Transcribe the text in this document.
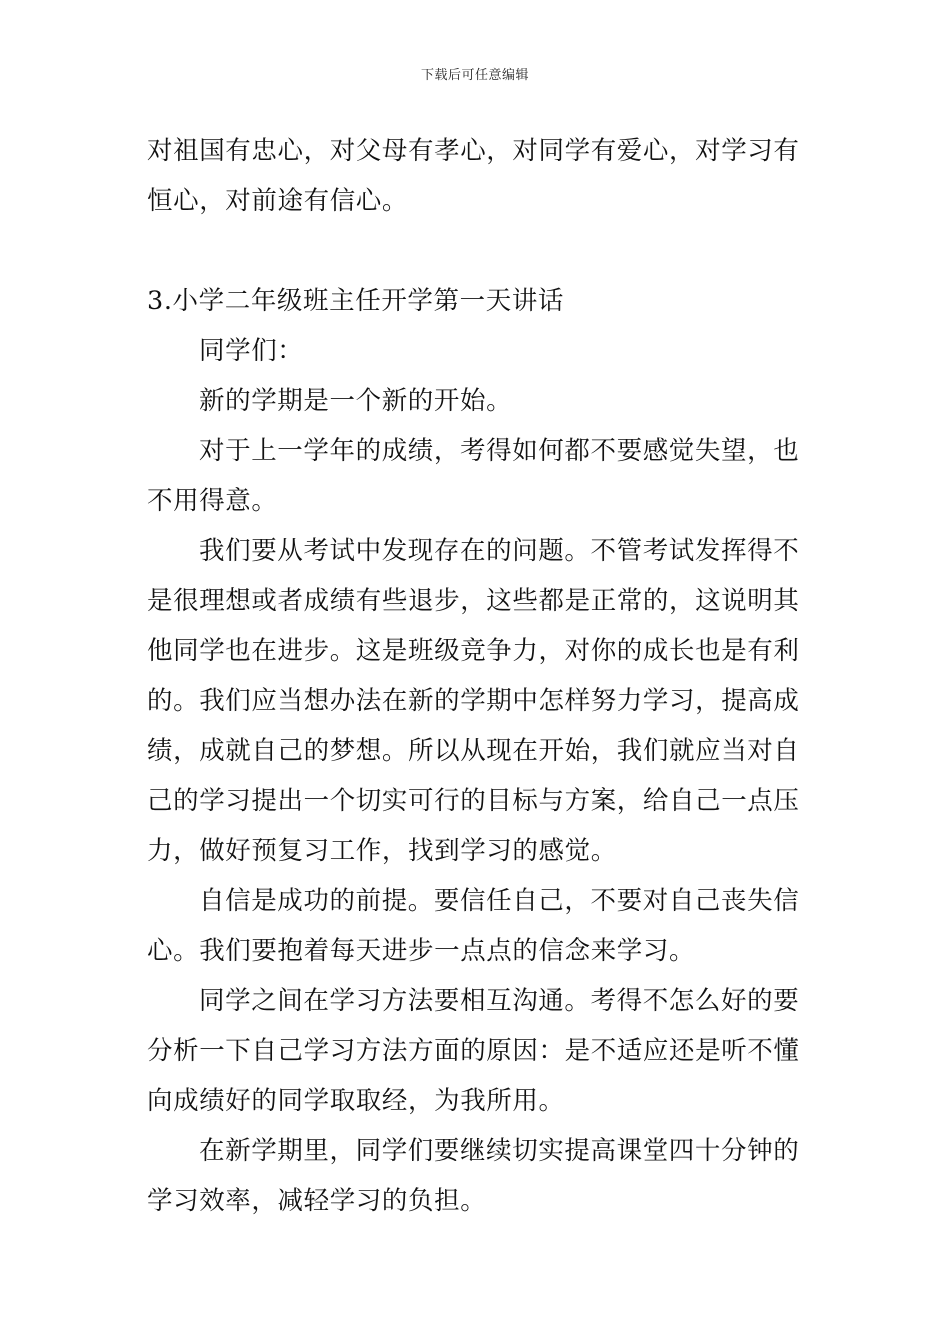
下载后可任意编辑
对祖国有忠心，对父母有孝心，对同学有爱心，对学习有
恒心，对前途有信心。
3.小学二年级班主任开学第一天讲话
同学们：
新的学期是一个新的开始。
对于上一学年的成绩，考得如何都不要感觉失望，也
不用得意。
我们要从考试中发现存在的问题。不管考试发挥得不
是很理想或者成绩有些退步，这些都是正常的，这说明其
他同学也在进步。这是班级竞争力，对你的成长也是有利
的。我们应当想办法在新的学期中怎样努力学习，提高成
绩，成就自己的梦想。所以从现在开始，我们就应当对自
己的学习提出一个切实可行的目标与方案，给自己一点压
力，做好预复习工作，找到学习的感觉。
自信是成功的前提。要信任自己，不要对自己丧失信
心。我们要抱着每天进步一点点的信念来学习。
同学之间在学习方法要相互沟通。考得不怎么好的要
分析一下自己学习方法方面的原因：是不适应还是听不懂
向成绩好的同学取取经，为我所用。
在新学期里，同学们要继续切实提高课堂四十分钟的
学习效率，减轻学习的负担。
